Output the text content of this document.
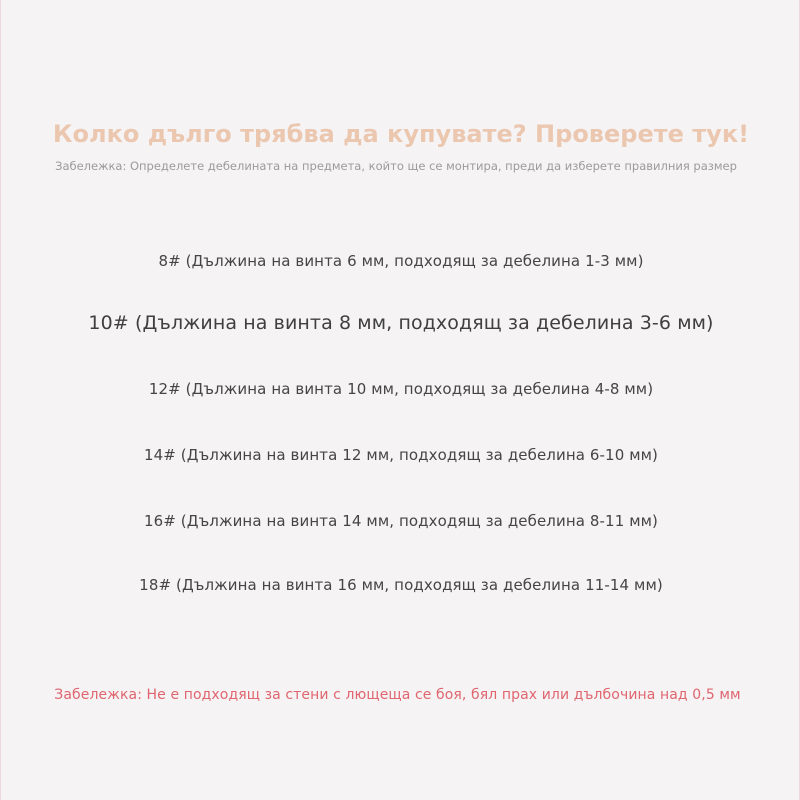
Колко дълго трябва да купувате? Проверете тук!
Забележка: Определете дебелината на предмета, който ще се монтира, преди да изберете правилния размер
8# (Дължина на винта 6 мм, подходящ за дебелина 1-3 мм)
10# (Дължина на винта 8 мм, подходящ за дебелина 3-6 мм)
12# (Дължина на винта 10 мм, подходящ за дебелина 4-8 мм)
14# (Дължина на винта 12 мм, подходящ за дебелина 6-10 мм)
16# (Дължина на винта 14 мм, подходящ за дебелина 8-11 мм)
18# (Дължина на винта 16 мм, подходящ за дебелина 11-14 мм)
Забележка: Не е подходящ за стени с лющеща се боя, бял прах или дълбочина над 0,5 мм
